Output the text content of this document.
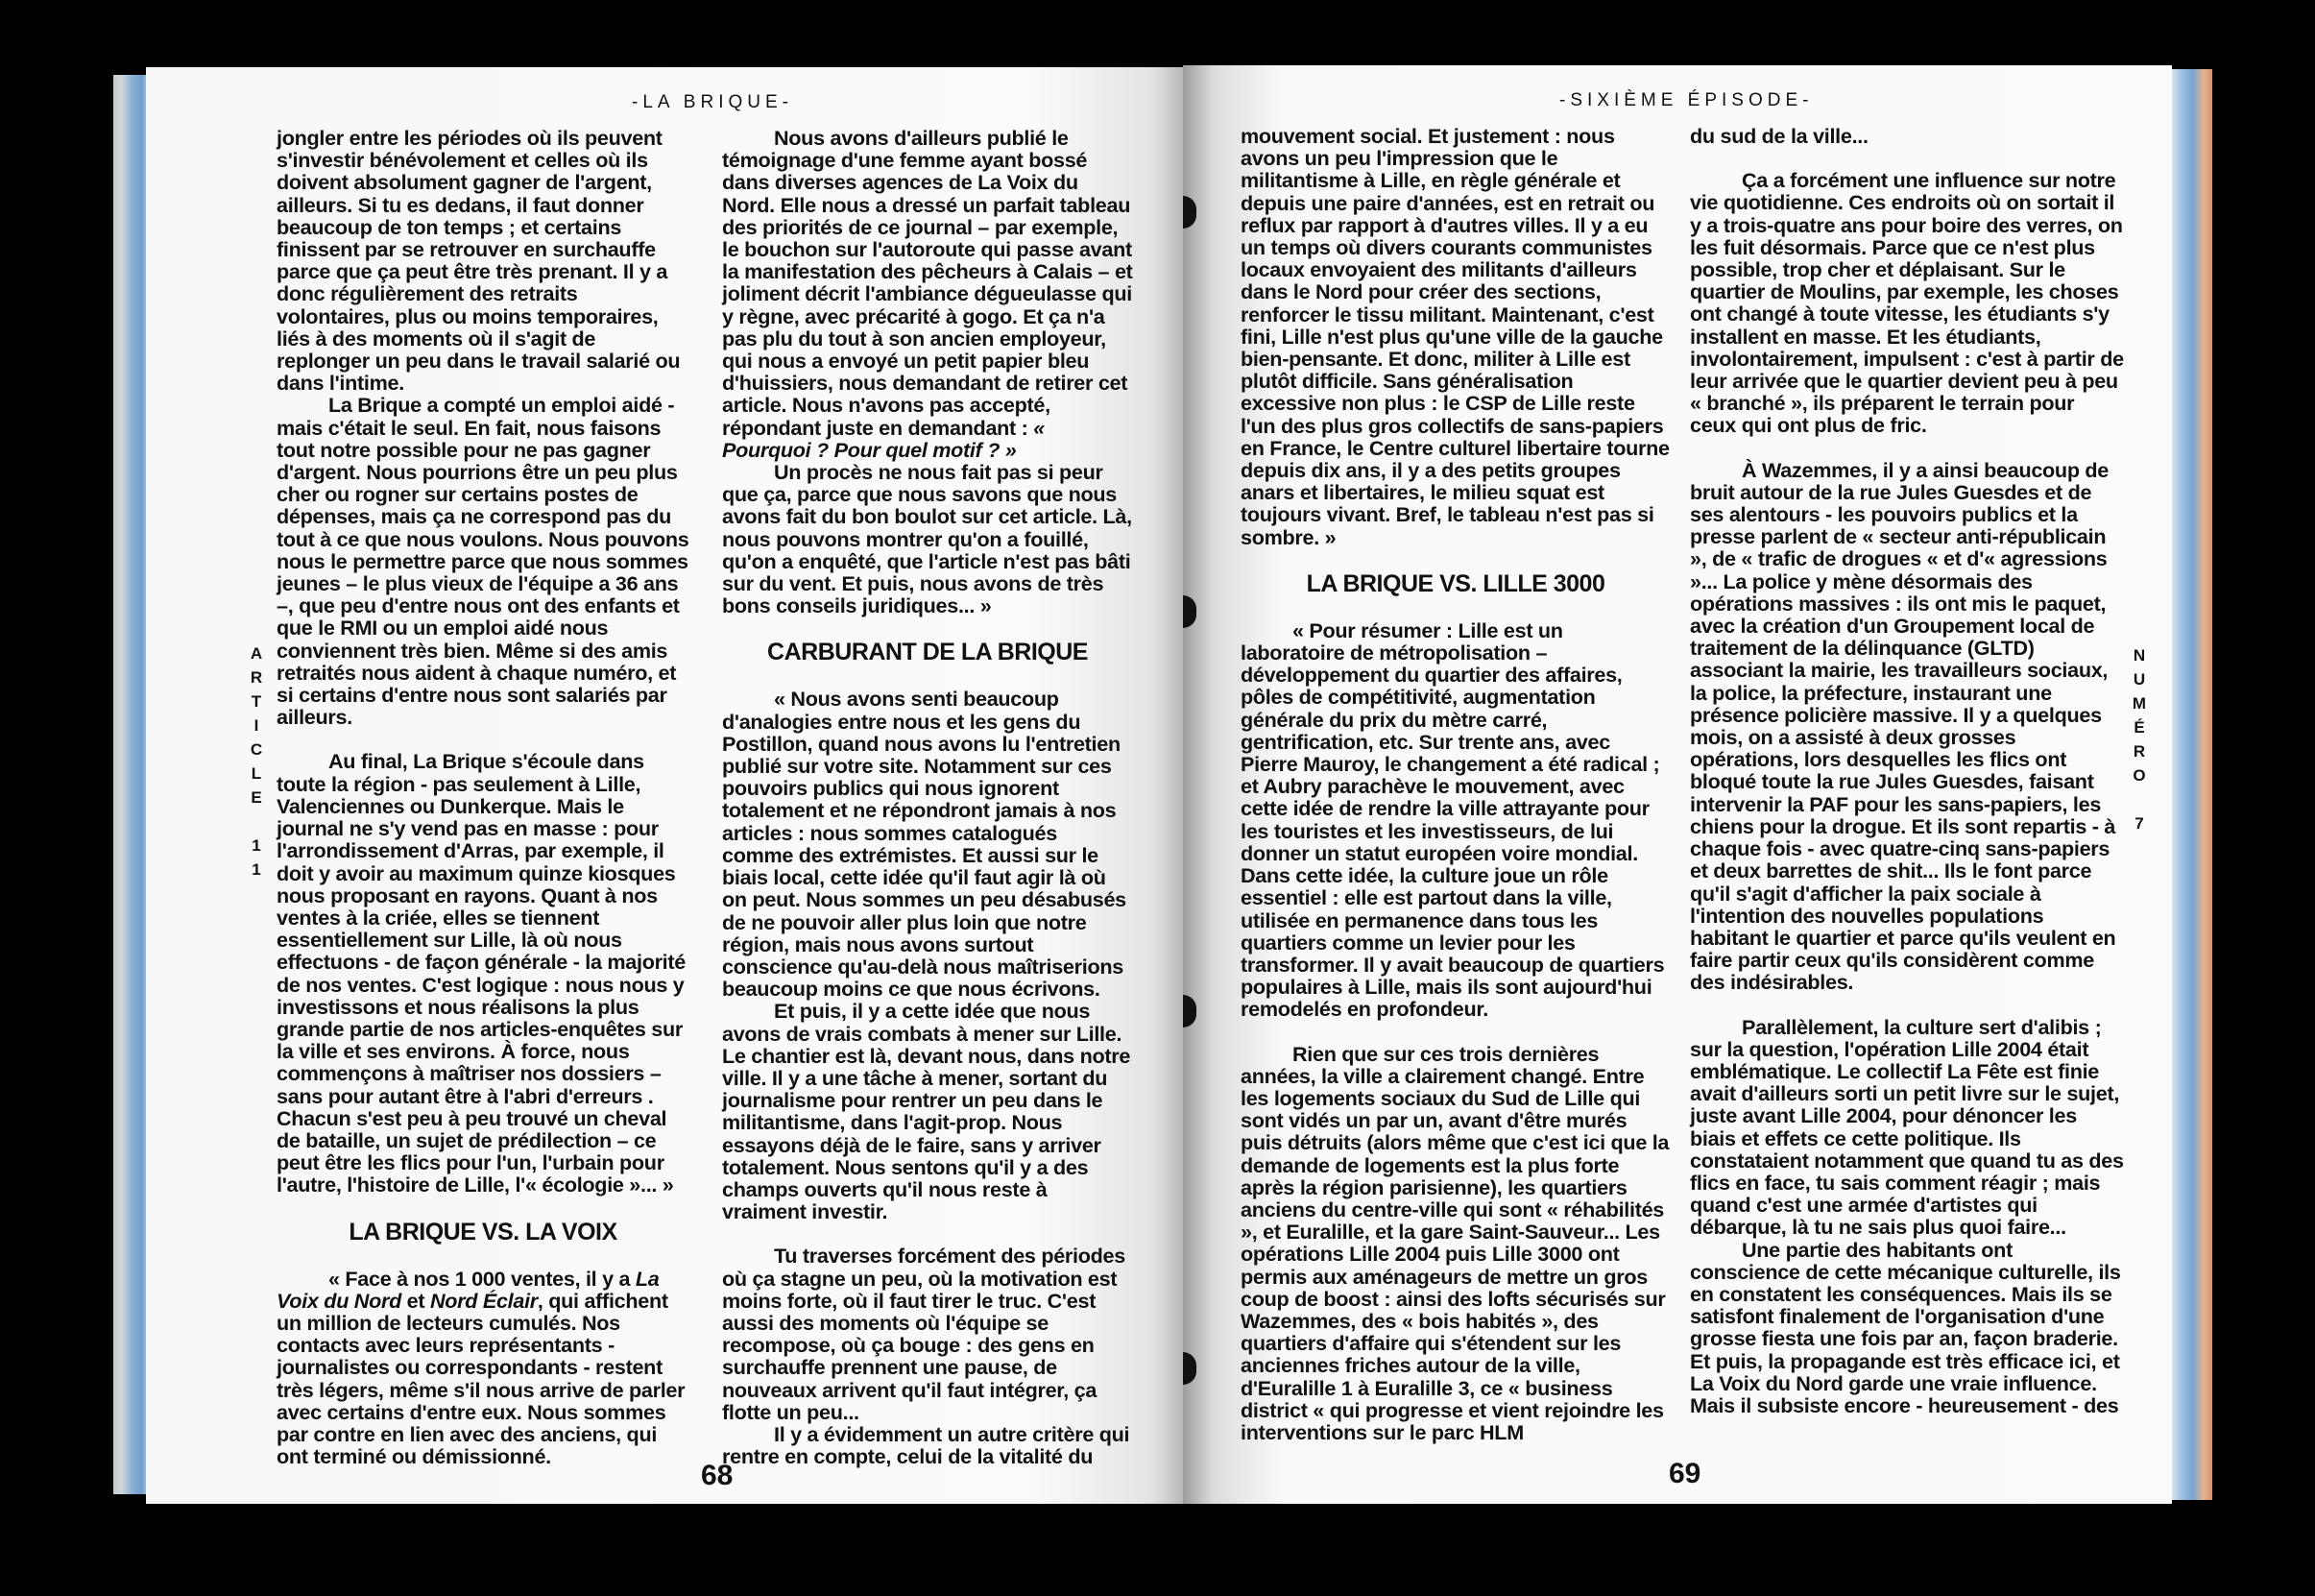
-LA BRIQUE-

jongler entre les périodes où ils peuvent s'investir bénévolement et celles où ils doivent absolument gagner de l'argent, ailleurs. Si tu es dedans, il faut donner beaucoup de ton temps ; et certains finissent par se retrouver en surchauffe parce que ça peut être très prenant. Il y a donc régulièrement des retraits volontaires, plus ou moins temporaires, liés à des moments où il s'agit de replonger un peu dans le travail salarié ou dans l'intime.

La Brique a compté un emploi aidé - mais c'était le seul. En fait, nous faisons tout notre possible pour ne pas gagner d'argent. Nous pourrions être un peu plus cher ou rogner sur certains postes de dépenses, mais ça ne correspond pas du tout à ce que nous voulons. Nous pouvons nous le permettre parce que nous sommes jeunes – le plus vieux de l'équipe a 36 ans –, que peu d'entre nous ont des enfants et que le RMI ou un emploi aidé nous conviennent très bien. Même si des amis retraités nous aident à chaque numéro, et si certains d'entre nous sont salariés par ailleurs.

Au final, La Brique s'écoule dans toute la région - pas seulement à Lille, Valenciennes ou Dunkerque. Mais le journal ne s'y vend pas en masse : pour l'arrondissement d'Arras, par exemple, il doit y avoir au maximum quinze kiosques nous proposant en rayons. Quant à nos ventes à la criée, elles se tiennent essentiellement sur Lille, là où nous effectuons - de façon générale - la majorité de nos ventes. C'est logique : nous nous y investissons et nous réalisons la plus grande partie de nos articles-enquêtes sur la ville et ses environs. À force, nous commençons à maîtriser nos dossiers – sans pour autant être à l'abri d'erreurs . Chacun s'est peu à peu trouvé un cheval de bataille, un sujet de prédilection – ce peut être les flics pour l'un, l'urbain pour l'autre, l'histoire de Lille, l'« écologie »... »

LA BRIQUE VS. LA VOIX

« Face à nos 1 000 ventes, il y a La Voix du Nord et Nord Éclair, qui affichent un million de lecteurs cumulés. Nos contacts avec leurs représentants - journalistes ou correspondants - restent très légers, même s'il nous arrive de parler avec certains d'entre eux. Nous sommes par contre en lien avec des anciens, qui ont terminé ou démissionné.

Nous avons d'ailleurs publié le témoignage d'une femme ayant bossé dans diverses agences de La Voix du Nord. Elle nous a dressé un parfait tableau des priorités de ce journal – par exemple, le bouchon sur l'autoroute qui passe avant la manifestation des pêcheurs à Calais – et joliment décrit l'ambiance dégueulasse qui y règne, avec précarité à gogo. Et ça n'a pas plu du tout à son ancien employeur, qui nous a envoyé un petit papier bleu d'huissiers, nous demandant de retirer cet article. Nous n'avons pas accepté, répondant juste en demandant : « Pourquoi ? Pour quel motif ? »

Un procès ne nous fait pas si peur que ça, parce que nous savons que nous avons fait du bon boulot sur cet article. Là, nous pouvons montrer qu'on a fouillé, qu'on a enquêté, que l'article n'est pas bâti sur du vent. Et puis, nous avons de très bons conseils juridiques... »

CARBURANT DE LA BRIQUE

« Nous avons senti beaucoup d'analogies entre nous et les gens du Postillon, quand nous avons lu l'entretien publié sur votre site. Notamment sur ces pouvoirs publics qui nous ignorent totalement et ne répondront jamais à nos articles : nous sommes catalogués comme des extrémistes. Et aussi sur le biais local, cette idée qu'il faut agir là où on peut. Nous sommes un peu désabusés de ne pouvoir aller plus loin que notre région, mais nous avons surtout conscience qu'au-delà nous maîtriserions beaucoup moins ce que nous écrivons.

Et puis, il y a cette idée que nous avons de vrais combats à mener sur Lille. Le chantier est là, devant nous, dans notre ville. Il y a une tâche à mener, sortant du journalisme pour rentrer un peu dans le militantisme, dans l'agit-prop. Nous essayons déjà de le faire, sans y arriver totalement. Nous sentons qu'il y a des champs ouverts qu'il nous reste à vraiment investir.

Tu traverses forcément des périodes où ça stagne un peu, où la motivation est moins forte, où il faut tirer le truc. C'est aussi des moments où l'équipe se recompose, où ça bouge : des gens en surchauffe prennent une pause, de nouveaux arrivent qu'il faut intégrer, ça flotte un peu...

Il y a évidemment un autre critère qui rentre en compte, celui de la vitalité du

A
R
T
I
C
L
E

1
1
68
-SIXIÈME ÉPISODE-

mouvement social. Et justement : nous avons un peu l'impression que le militantisme à Lille, en règle générale et depuis une paire d'années, est en retrait ou reflux par rapport à d'autres villes. Il y a eu un temps où divers courants communistes locaux envoyaient des militants d'ailleurs dans le Nord pour créer des sections, renforcer le tissu militant. Maintenant, c'est fini, Lille n'est plus qu'une ville de la gauche bien-pensante. Et donc, militer à Lille est plutôt difficile. Sans généralisation excessive non plus : le CSP de Lille reste l'un des plus gros collectifs de sans-papiers en France, le Centre culturel libertaire tourne depuis dix ans, il y a des petits groupes anars et libertaires, le milieu squat est toujours vivant. Bref, le tableau n'est pas si sombre. »

LA BRIQUE VS. LILLE 3000

« Pour résumer : Lille est un laboratoire de métropolisation – développement du quartier des affaires, pôles de compétitivité, augmentation générale du prix du mètre carré, gentrification, etc. Sur trente ans, avec Pierre Mauroy, le changement a été radical ; et Aubry parachève le mouvement, avec cette idée de rendre la ville attrayante pour les touristes et les investisseurs, de lui donner un statut européen voire mondial. Dans cette idée, la culture joue un rôle essentiel : elle est partout dans la ville, utilisée en permanence dans tous les quartiers comme un levier pour les transformer. Il y avait beaucoup de quartiers populaires à Lille, mais ils sont aujourd'hui remodelés en profondeur.

Rien que sur ces trois dernières années, la ville a clairement changé. Entre les logements sociaux du Sud de Lille qui sont vidés un par un, avant d'être murés puis détruits (alors même que c'est ici que la demande de logements est la plus forte après la région parisienne), les quartiers anciens du centre-ville qui sont « réhabilités », et Euralille, et la gare Saint-Sauveur... Les opérations Lille 2004 puis Lille 3000 ont permis aux aménageurs de mettre un gros coup de boost : ainsi des lofts sécurisés sur Wazemmes, des « bois habités », des quartiers d'affaire qui s'étendent sur les anciennes friches autour de la ville, d'Euralille 1 à Euralille 3, ce « business district « qui progresse et vient rejoindre les interventions sur le parc HLM

du sud de la ville...

Ça a forcément une influence sur notre vie quotidienne. Ces endroits où on sortait il y a trois-quatre ans pour boire des verres, on les fuit désormais. Parce que ce n'est plus possible, trop cher et déplaisant. Sur le quartier de Moulins, par exemple, les choses ont changé à toute vitesse, les étudiants s'y installent en masse. Et les étudiants, involontairement, impulsent : c'est à partir de leur arrivée que le quartier devient peu à peu « branché », ils préparent le terrain pour ceux qui ont plus de fric.

À Wazemmes, il y a ainsi beaucoup de bruit autour de la rue Jules Guesdes et de ses alentours - les pouvoirs publics et la presse parlent de « secteur anti-républicain », de « trafic de drogues « et d'« agressions »... La police y mène désormais des opérations massives : ils ont mis le paquet, avec la création d'un Groupement local de traitement de la délinquance (GLTD) associant la mairie, les travailleurs sociaux, la police, la préfecture, instaurant une présence policière massive. Il y a quelques mois, on a assisté à deux grosses opérations, lors desquelles les flics ont bloqué toute la rue Jules Guesdes, faisant intervenir la PAF pour les sans-papiers, les chiens pour la drogue. Et ils sont repartis - à chaque fois - avec quatre-cinq sans-papiers et deux barrettes de shit... Ils le font parce qu'il s'agit d'afficher la paix sociale à l'intention des nouvelles populations habitant le quartier et parce qu'ils veulent en faire partir ceux qu'ils considèrent comme des indésirables.

Parallèlement, la culture sert d'alibis ; sur la question, l'opération Lille 2004 était emblématique. Le collectif La Fête est finie avait d'ailleurs sorti un petit livre sur le sujet, juste avant Lille 2004, pour dénoncer les biais et effets ce cette politique. Ils constataient notamment que quand tu as des flics en face, tu sais comment réagir ; mais quand c'est une armée d'artistes qui débarque, là tu ne sais plus quoi faire...

Une partie des habitants ont conscience de cette mécanique culturelle, ils en constatent les conséquences. Mais ils se satisfont finalement de l'organisation d'une grosse fiesta une fois par an, façon braderie. Et puis, la propagande est très efficace ici, et La Voix du Nord garde une vraie influence. Mais il subsiste encore - heureusement - des

N
U
M
É
R
O

7
69
